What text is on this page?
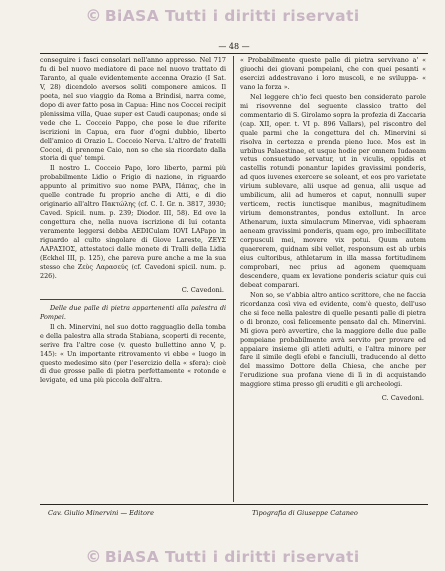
© BiASA Tutti i diritti riservati
— 48 —

conseguire i fasci consolari nell'anno appresso. Nel 717 fu di bel nuovo mediatore di pace nel nuovo trattato di Taranto, al quale evidentemente accenna Orazio (I Sat. V, 28) dicendolo aversos soliti componere amicos. Il poeta, nel suo viaggio da Roma a Brindisi, narra come, dopo di aver fatto posa in Capua: Hinc nos Coccei recipit plenissima villa, Quae super est Caudi cauponas; onde si vede che L. Cocceio Pappo, che pose le due riferite iscrizioni in Capua, era fuor d'ogni dubbio, liberto dell'amico di Orazio L. Cocceio Nerva. L'altro de' fratelli Coccei, di prenome Caio, non so che sia ricordato dalla storia di que' tempi.

Il nostro L. Cocceio Papo, loro liberto, parmi più probabilmente Lidio o Frigio di nazione, in riguardo appunto al primitivo suo nome PAPA, Πάπας, che in quelle contrade fu proprio anche di Atti, e di dio originario all'altro Πακτώλης (cf. C. I. Gr. n. 3817, 3930; Caved. Spicil. num. p. 239; Diodor. III, 58). Ed ove la congettura che, nella nuova iscrizione di lui cotanta veramente leggersi debba AEDICulam IOVI LAPapo in riguardo al culto singolare di Giove Lareste, ΖΕΥΣ ΛΑΡΑΣΙΟΣ, attestatoci dalle monete di Tralli della Lidia (Eckhel III, p. 125), che pareva pure anche a me la sua stesso che Ζεὺς Λαρασεύς (cf. Cavedoni spicil. num. p. 226).

C. Cavedoni.

Delle due palle di pietra appartenenti alla palestra di Pompei.

Il ch. Minervini, nel suo dotto ragguaglio della tomba e della palestra alla strada Stabiana, scoperti di recente, serive fra l'altre cose (v. questo bullettino anno V, p. 145): « Un importante ritrovamento vi ebbe « luogo in questo medesimo sito (per l'esercizio della « sfera): cioè di due grosse palle di pietra perfettamente « rotonde e levigate, ed una più piccola dell'altra.

« Probabilmente queste palle di pietra servivano a' « giuochi dei giovani pompeiani, che con quei pesanti « esercizi addestravano i loro muscoli, e ne sviluppa- « vano la forza ».

Nel leggere ch'io feci questo ben considerato parole mi risovvenne del seguente classico tratto del commentario di S. Girolamo sopra la profezia di Zaccaria (cap. XII, oper. t. VI p. 896 Vallars), pel riscontro del quale parmi che la congettura del ch. Minervini si risolva in certezza e prenda pieno luce. Mos est in urbibus Palaestinae, et usque hodie per omnem Iudaeam vetus consuetudo servatur, ut in viculis, oppidis et castellis rotundi ponantur lapides gravissimi ponderis, ad quos iuvenes exercere se soleant, et eos pro varietate virium sublevare, alii usque ad genua, alii usque ad umbilicum, alii ad humeros et caput, nonnulli super verticem, rectis iunctisque manibus, magnitudinem virium demonstrantes, pondus extollunt. In arce Athenarum, iuxta simulacrum Minervae, vidi sphaeram aeneam gravissimi ponderis, quam ego, pro imbecillitate corpusculi mei, movere vix potui. Quum autem quaererem, quidnam sibi vellet, responsum est ab urbis eius cultoribus, athletarum in illa massa fortitudinem comprobari, nec prius ad agonem quemquam descendere, quam ex levatione ponderis sciatur quis cui debeat comparari.

Non so, se v'abbia altro antico scrittore, che ne faccia ricordanza così viva ed evidente, com'è questo, dell'uso che si fece nella palestre di quelle pesanti palle di pietra o di bronzo, così felicemente pensato dal ch. Minervini. Mi giova però avvertire, che la maggiore delle due palle pompeiane probabilmente avrà servito per provare ed appaiare insieme gli atleti adulti, e l'altra minore per fare il simile degli efebi e fanciulli, traducendo al detto del massimo Dottore della Chiesa, che anche per l'erudizione sua profana viene di lì in dì acquistando maggiore stima presso gli eruditi e gli archeologi.

C. Cavedoni.
Cav. Giulio Minervini — Editore	Tipografia di Giuseppe Cataneo
© BiASA Tutti i diritti riservati
